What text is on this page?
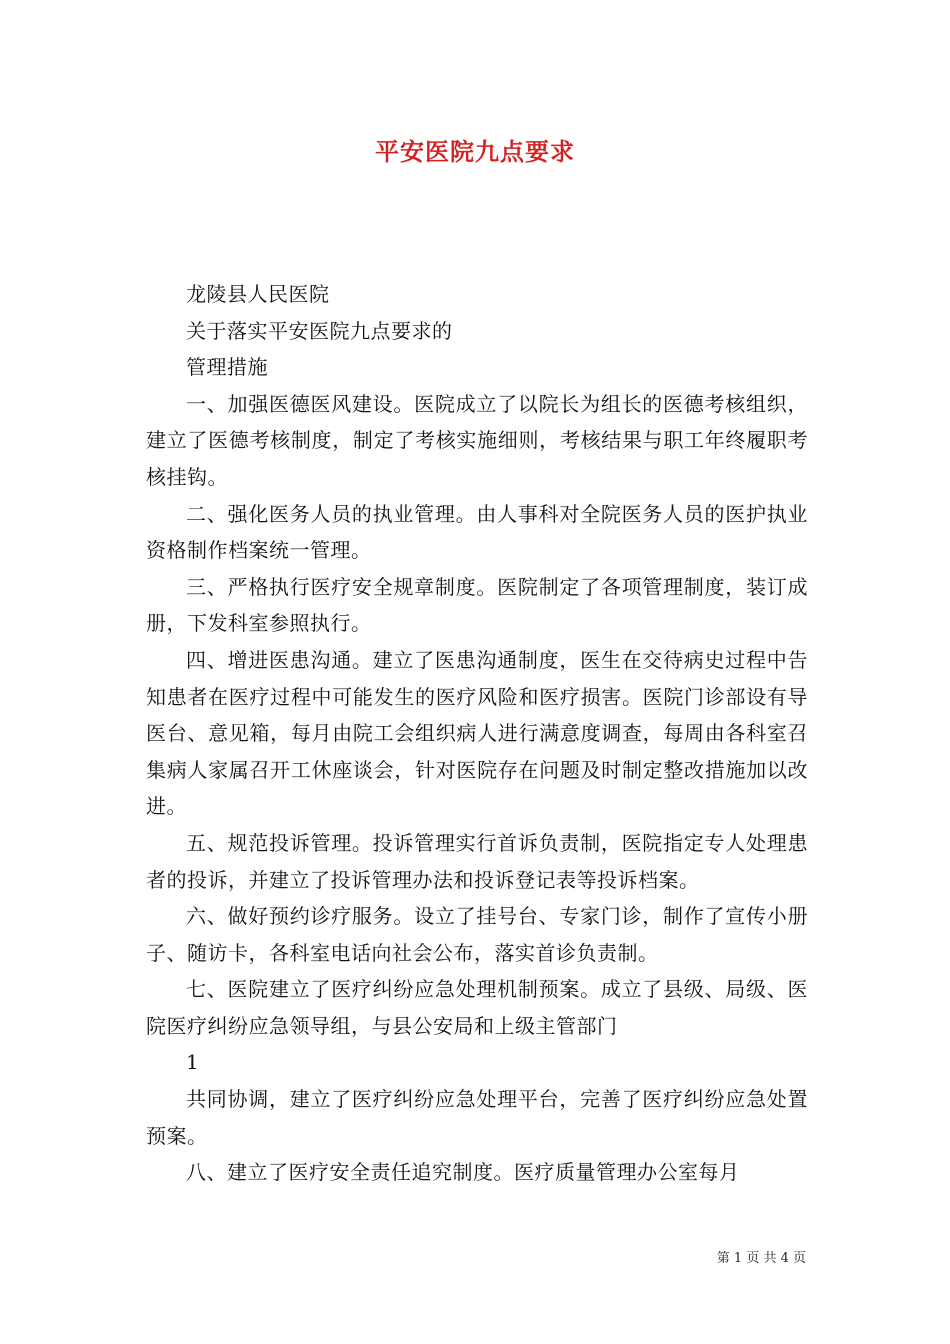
平安医院九点要求

龙陵县人民医院

关于落实平安医院九点要求的

管理措施

一、加强医德医风建设。医院成立了以院长为组长的医德考核组织，建立了医德考核制度，制定了考核实施细则，考核结果与职工年终履职考核挂钩。

二、强化医务人员的执业管理。由人事科对全院医务人员的医护执业资格制作档案统一管理。

三、严格执行医疗安全规章制度。医院制定了各项管理制度，装订成册，下发科室参照执行。

四、增进医患沟通。建立了医患沟通制度，医生在交待病史过程中告知患者在医疗过程中可能发生的医疗风险和医疗损害。医院门诊部设有导医台、意见箱，每月由院工会组织病人进行满意度调查，每周由各科室召集病人家属召开工休座谈会，针对医院存在问题及时制定整改措施加以改进。

五、规范投诉管理。投诉管理实行首诉负责制，医院指定专人处理患者的投诉，并建立了投诉管理办法和投诉登记表等投诉档案。

六、做好预约诊疗服务。设立了挂号台、专家门诊，制作了宣传小册子、随访卡，各科室电话向社会公布，落实首诊负责制。

七、医院建立了医疗纠纷应急处理机制预案。成立了县级、局级、医院医疗纠纷应急领导组，与县公安局和上级主管部门

1

共同协调，建立了医疗纠纷应急处理平台，完善了医疗纠纷应急处置预案。

八、建立了医疗安全责任追究制度。医疗质量管理办公室每月

第 1 页 共 4 页
